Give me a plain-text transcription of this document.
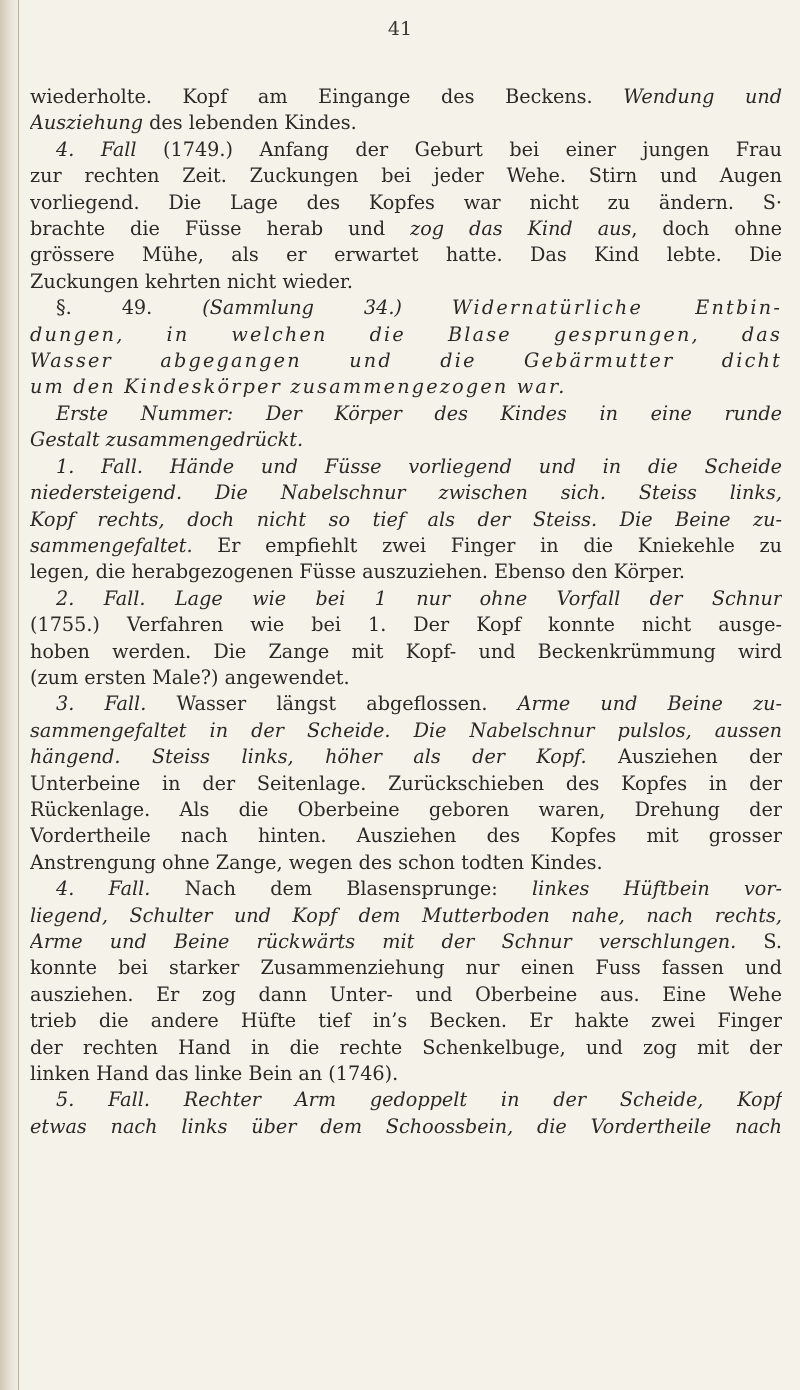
41
wiederholte. Kopf am Eingange des Beckens. Wendung und
Ausziehung des lebenden Kindes.
4. Fall (1749.) Anfang der Geburt bei einer jungen Frau
zur rechten Zeit. Zuckungen bei jeder Wehe. Stirn und Augen
vorliegend. Die Lage des Kopfes war nicht zu ändern. S·
brachte die Füsse herab und zog das Kind aus, doch ohne
grössere Mühe, als er erwartet hatte. Das Kind lebte. Die
Zuckungen kehrten nicht wieder.
§. 49. (Sammlung 34.) Widernatürliche Entbin-
dungen, in welchen die Blase gesprungen, das
Wasser abgegangen und die Gebärmutter dicht
um den Kindeskörper zusammengezogen war.
Erste Nummer: Der Körper des Kindes in eine runde
Gestalt zusammengedrückt.
1. Fall. Hände und Füsse vorliegend und in die Scheide
niedersteigend. Die Nabelschnur zwischen sich. Steiss links,
Kopf rechts, doch nicht so tief als der Steiss. Die Beine zu-
sammengefaltet. Er empfiehlt zwei Finger in die Kniekehle zu
legen, die herabgezogenen Füsse auszuziehen. Ebenso den Körper.
2. Fall. Lage wie bei 1 nur ohne Vorfall der Schnur
(1755.) Verfahren wie bei 1. Der Kopf konnte nicht ausge-
hoben werden. Die Zange mit Kopf- und Beckenkrümmung wird
(zum ersten Male?) angewendet.
3. Fall. Wasser längst abgeflossen. Arme und Beine zu-
sammengefaltet in der Scheide. Die Nabelschnur pulslos, aussen
hängend. Steiss links, höher als der Kopf. Ausziehen der
Unterbeine in der Seitenlage. Zurückschieben des Kopfes in der
Rückenlage. Als die Oberbeine geboren waren, Drehung der
Vordertheile nach hinten. Ausziehen des Kopfes mit grosser
Anstrengung ohne Zange, wegen des schon todten Kindes.
4. Fall. Nach dem Blasensprunge: linkes Hüftbein vor-
liegend, Schulter und Kopf dem Mutterboden nahe, nach rechts,
Arme und Beine rückwärts mit der Schnur verschlungen. S.
konnte bei starker Zusammenziehung nur einen Fuss fassen und
ausziehen. Er zog dann Unter- und Oberbeine aus. Eine Wehe
trieb die andere Hüfte tief in’s Becken. Er hakte zwei Finger
der rechten Hand in die rechte Schenkelbuge, und zog mit der
linken Hand das linke Bein an (1746).
5. Fall. Rechter Arm gedoppelt in der Scheide, Kopf
etwas nach links über dem Schoossbein, die Vordertheile nach
